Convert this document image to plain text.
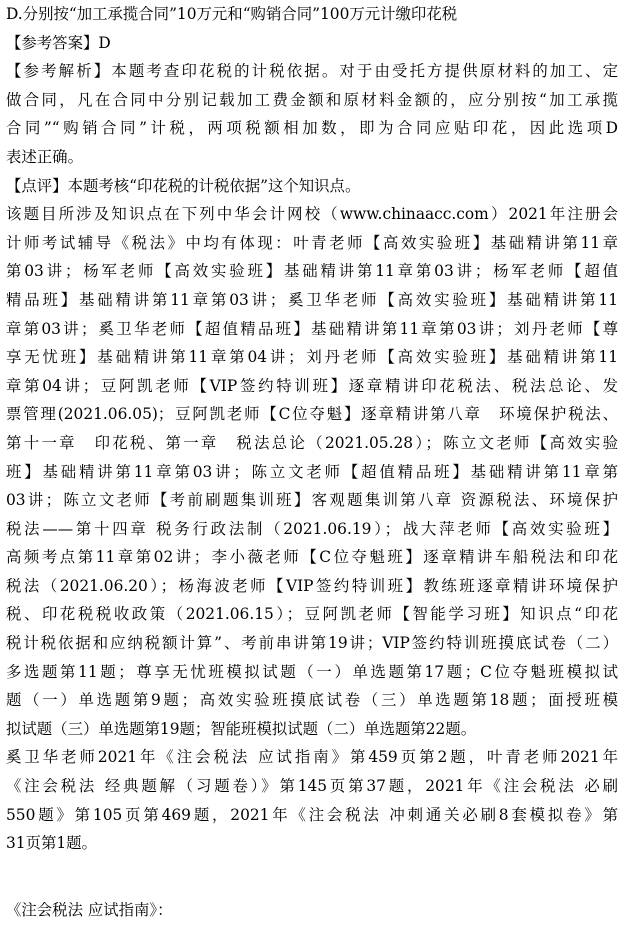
D.分别按“加工承揽合同”10万元和“购销合同”100万元计缴印花税
【参考答案】D
【参考解析】本题考查印花税的计税依据。对于由受托方提供原材料的加工、定
做合同，凡在合同中分别记载加工费金额和原材料金额的，应分别按“加工承揽
合同”“购销合同”计税，两项税额相加数，即为合同应贴印花，因此选项D
表述正确。
【点评】本题考核“印花税的计税依据”这个知识点。
该题目所涉及知识点在下列中华会计网校（www.chinaacc.com）2021年注册会
计师考试辅导《税法》中均有体现：叶青老师【高效实验班】基础精讲第11章
第03讲；杨军老师【高效实验班】基础精讲第11章第03讲；杨军老师【超值
精品班】基础精讲第11章第03讲；奚卫华老师【高效实验班】基础精讲第11
章第03讲；奚卫华老师【超值精品班】基础精讲第11章第03讲；刘丹老师【尊
享无忧班】基础精讲第11章第04讲；刘丹老师【高效实验班】基础精讲第11
章第04讲；豆阿凯老师【VIP签约特训班】逐章精讲印花税法、税法总论、发
票管理(2021.06.05)；豆阿凯老师【C位夺魁】逐章精讲第八章　环境保护税法、
第十一章　印花税、第一章　税法总论（2021.05.28）；陈立文老师【高效实验
班】基础精讲第11章第03讲；陈立文老师【超值精品班】基础精讲第11章第
03讲；陈立文老师【考前刷题集训班】客观题集训第八章 资源税法、环境保护
税法——第十四章 税务行政法制（2021.06.19）；战大萍老师【高效实验班】
高频考点第11章第02讲；李小薇老师【C位夺魁班】逐章精讲车船税法和印花
税法（2021.06.20）；杨海波老师【VIP签约特训班】教练班逐章精讲环境保护
税、印花税税收政策（2021.06.15）；豆阿凯老师【智能学习班】知识点“印花
税计税依据和应纳税额计算”、考前串讲第19讲；VIP签约特训班摸底试卷（二）
多选题第11题；尊享无忧班模拟试题（一）单选题第17题；C位夺魁班模拟试
题（一）单选题第9题；高效实验班摸底试卷（三）单选题第18题；面授班模
拟试题（三）单选题第19题；智能班模拟试题（二）单选题第22题。
奚卫华老师2021年《注会税法 应试指南》第459页第2题，叶青老师2021年
《注会税法 经典题解（习题卷）》第145页第37题，2021年《注会税法 必刷
550题》第105页第469题，2021年《注会税法 冲刺通关必刷8套模拟卷》第
31页第1题。
《注会税法 应试指南》：
